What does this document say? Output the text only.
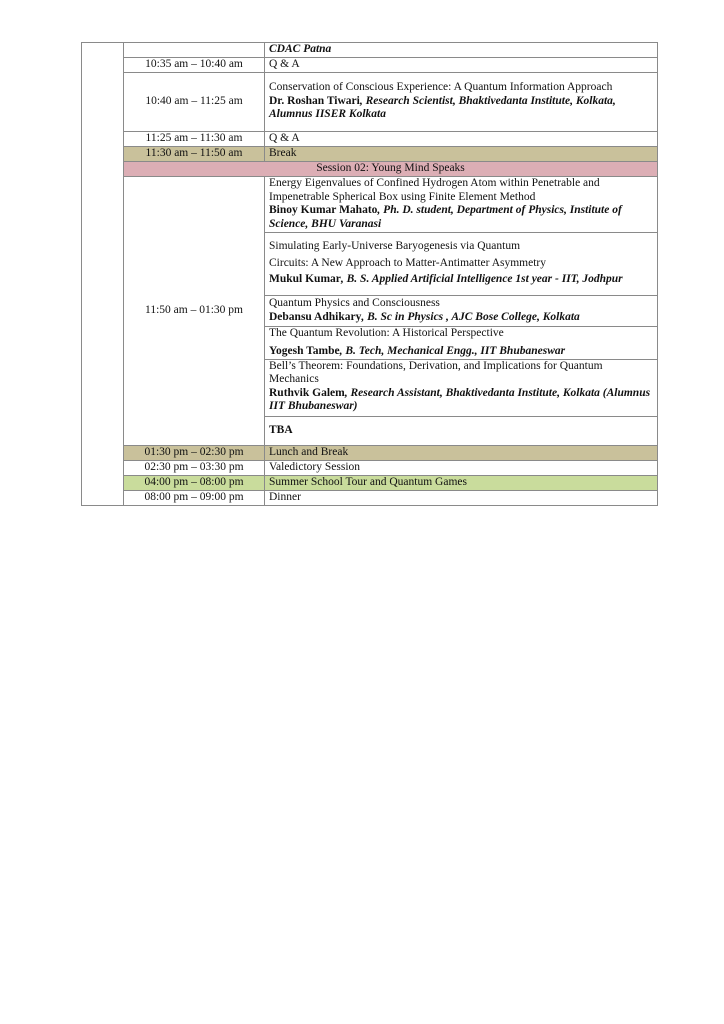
		CDAC Patna
	10:35 am – 10:40 am	Q & A
	10:40 am – 11:25 am	Conservation of Conscious Experience: A Quantum Information Approach
Dr. Roshan Tiwari, Research Scientist, Bhaktivedanta Institute, Kolkata, Alumnus IISER Kolkata
	11:25 am – 11:30 am	Q & A
	11:30 am – 11:50 am	Break
	Session 02: Young Mind Speaks	
	11:50 am – 01:30 pm	Energy Eigenvalues of Confined Hydrogen Atom within Penetrable and Impenetrable Spherical Box using Finite Element Method
Binoy Kumar Mahato, Ph. D. student, Department of Physics, Institute of Science, BHU Varanasi

		Simulating Early-Universe Baryogenesis via Quantum
Circuits: A New Approach to Matter-Antimatter Asymmetry
Mukul Kumar, B. S. Applied Artificial Intelligence 1st year - IIT, Jodhpur

		Quantum Physics and Consciousness
Debansu Adhikary, B. Sc in Physics , AJC Bose College, Kolkata

		The Quantum Revolution: A Historical Perspective
Yogesh Tambe, B. Tech, Mechanical Engg., IIT Bhubaneswar

		Bell’s Theorem: Foundations, Derivation, and Implications for Quantum Mechanics
Ruthvik Galem, Research Assistant, Bhaktivedanta Institute, Kolkata (Alumnus IIT Bhubaneswar)
		TBA
	01:30 pm – 02:30 pm	Lunch and Break
	02:30 pm – 03:30 pm	Valedictory Session
	04:00 pm – 08:00 pm	Summer School Tour and Quantum Games
	08:00 pm – 09:00 pm	Dinner
